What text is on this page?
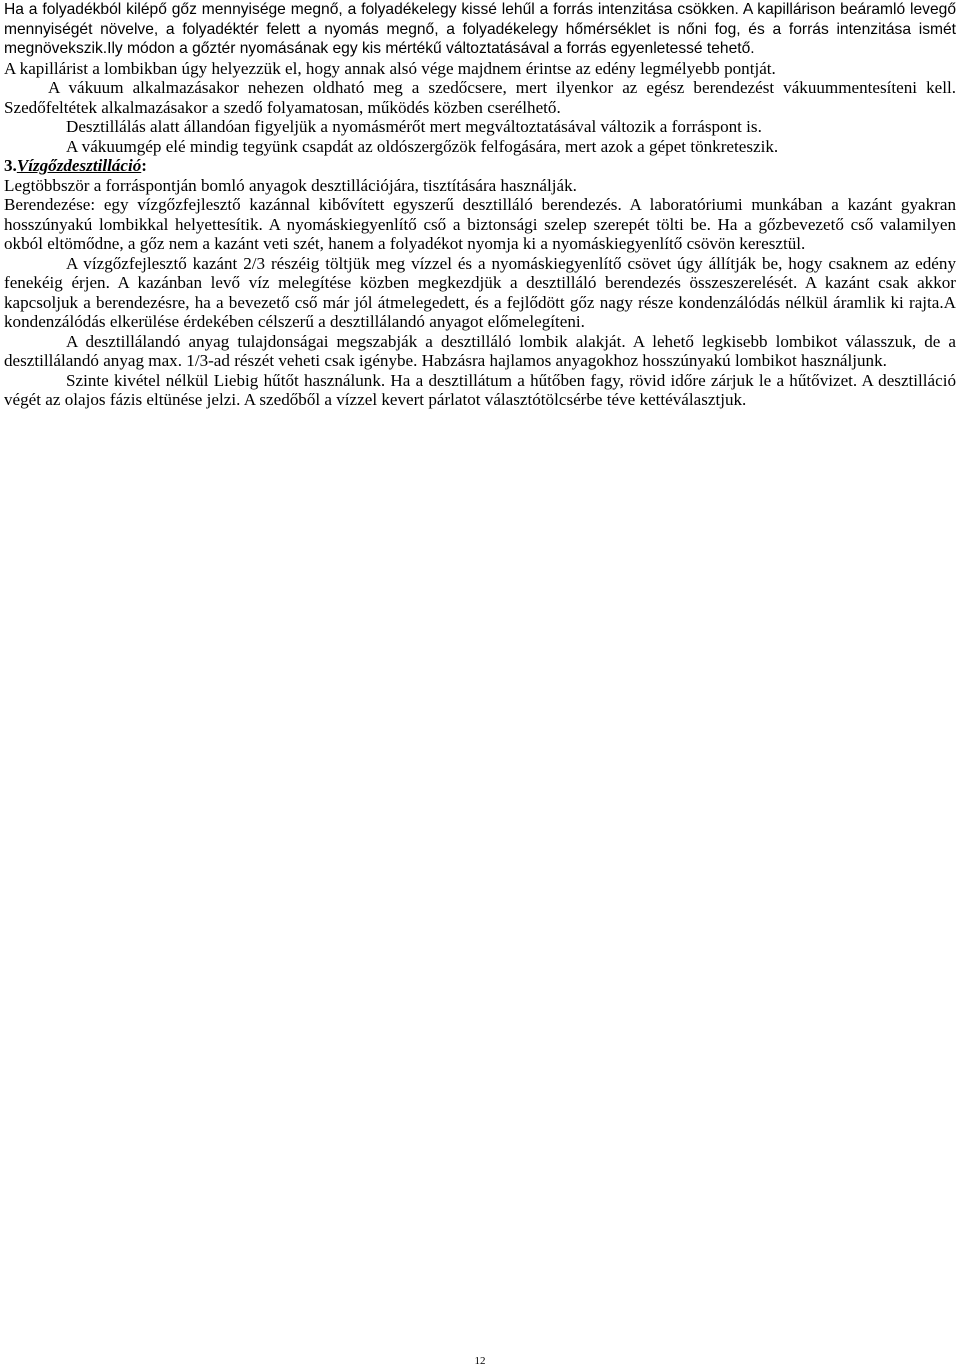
Ha a folyadékból kilépő gőz mennyisége megnő, a folyadékelegy kissé lehűl a forrás intenzitása csökken. A kapillárison beáramló levegő mennyiségét növelve, a folyadéktér felett a nyomás megnő, a folyadékelegy hőmérséklet is nőni fog, és a forrás intenzitása ismét megnövekszik.Ily módon a gőztér nyomásának egy kis mértékű változtatásával a forrás egyenletessé tehető.

A kapillárist a lombikban úgy helyezzük el, hogy annak alsó vége majdnem érintse az edény legmélyebb pontját.

A vákuum alkalmazásakor nehezen oldható meg a szedőcsere, mert ilyenkor az egész berendezést vákuummentesíteni kell. Szedőfeltétek alkalmazásakor a szedő folyamatosan, működés közben cserélhető.

Desztillálás alatt állandóan figyeljük a nyomásmérőt mert megváltoztatásával változik a forráspont is.

A vákuumgép elé mindig tegyünk csapdát az oldószergőzök felfogására, mert azok a gépet tönkreteszik.

3.Vízgőzdesztilláció:

Legtöbbször a forráspontján bomló anyagok desztillációjára, tisztítására használják.

Berendezése: egy vízgőzfejlesztő kazánnal kibővített egyszerű desztilláló berendezés. A laboratóriumi munkában a kazánt gyakran hosszúnyakú lombikkal helyettesítik. A nyomáskiegyenlítő cső a biztonsági szelep szerepét tölti be. Ha a gőzbevezető cső valamilyen okból eltömődne, a gőz nem a kazánt veti szét, hanem a folyadékot nyomja ki a nyomáskiegyenlítő csövön keresztül.

A vízgőzfejlesztő kazánt 2/3 részéig töltjük meg vízzel és a nyomáskiegyenlítő csövet úgy állítják be, hogy csaknem az edény fenekéig érjen. A kazánban levő víz melegítése közben megkezdjük a desztilláló berendezés összeszerelését. A kazánt csak akkor kapcsoljuk a berendezésre, ha a bevezető cső már jól átmelegedett, és a fejlődött gőz nagy része kondenzálódás nélkül áramlik ki rajta.A kondenzálódás elkerülése érdekében célszerű a desztillálandó anyagot előmelegíteni.

A desztillálandó anyag tulajdonságai megszabják a desztilláló lombik alakját. A lehető legkisebb lombikot válasszuk, de a desztillálandó anyag max. 1/3-ad részét veheti csak igénybe. Habzásra hajlamos anyagokhoz hosszúnyakú lombikot használjunk.

Szinte kivétel nélkül Liebig hűtőt használunk. Ha a desztillátum a hűtőben fagy, rövid időre zárjuk le a hűtővizet. A desztilláció végét az olajos fázis eltünése jelzi. A szedőből a vízzel kevert párlatot választótölcsérbe téve kettéválasztjuk.

12
